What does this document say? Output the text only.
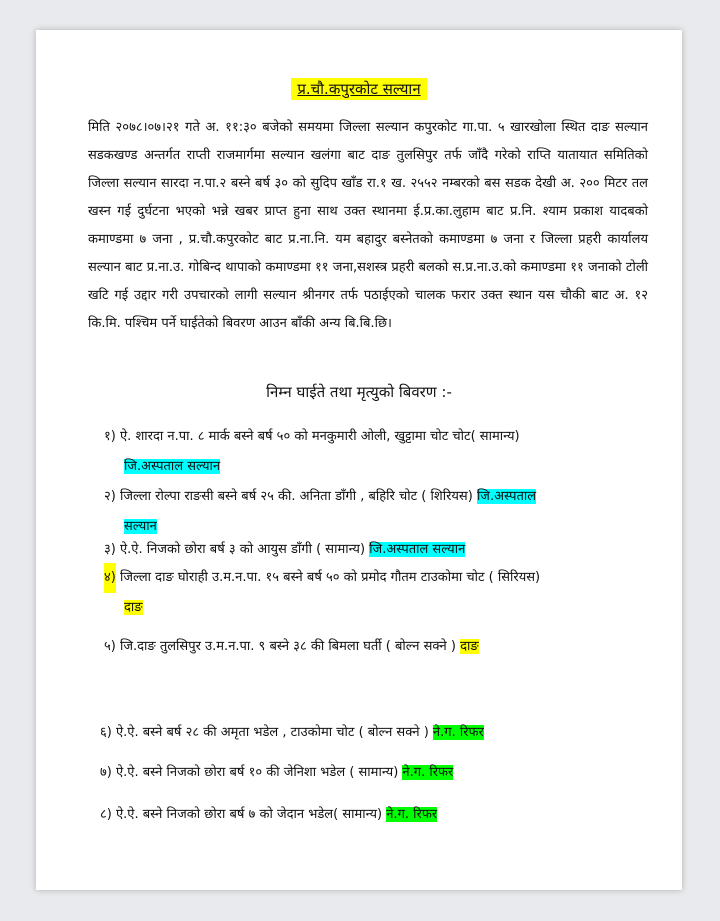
प्र.चौ.कपुरकोट सल्यान
मिति २०७८।०७।२१ गते अ. ११:३० बजेको समयमा जिल्ला सल्यान कपुरकोट गा.पा. ५ खारखोला स्थित दाङ सल्यान सडकखण्ड अन्तर्गत राप्ती राजमार्गमा सल्यान खलंगा बाट दाङ तुलसिपुर तर्फ जाँदै गरेको राप्ति यातायात समितिको जिल्ला सल्यान सारदा न.पा.२ बस्ने बर्ष ३० को सुदिप खाँड रा.१ ख. २५५२ नम्बरको बस सडक देखी अ. २०० मिटर तल खस्न गई दुर्घटना भएको भन्ने खबर प्राप्त हुना साथ उक्त स्थानमा ई.प्र.का.लुहाम बाट प्र.नि. श्याम प्रकाश यादबको कमाण्डमा ७ जना , प्र.चौ.कपुरकोट बाट प्र.ना.नि. यम बहादुर बस्नेतको कमाण्डमा ७ जना र जिल्ला प्रहरी कार्यालय सल्यान बाट प्र.ना.उ. गोबिन्द थापाको कमाण्डमा ११ जना,सशस्त्र प्रहरी बलको स.प्र.ना.उ.को कमाण्डमा ११ जनाको टोली खटि गई उद्दार गरी उपचारको लागी सल्यान श्रीनगर तर्फ पठाईएको चालक फरार उक्त स्थान यस चौकी बाट अ. १२ कि.मि. पश्चिम पर्ने घाईतेको बिवरण आउन बाँकी अन्य बि.बि.छि।
निम्न घाईते तथा मृत्युको बिवरण :-
१) ऐ. शारदा न.पा. ८ मार्क बस्ने बर्ष ५० को मनकुमारी ओली, खुट्टामा चोट चोट( सामान्य)
जि.अस्पताल सल्यान
२) जिल्ला रोल्पा राङसी बस्ने बर्ष २५ की. अनिता डाँगी , बहिरि चोट ( शिरियस) जि.अस्पताल
सल्यान
३) ऐ.ऐ. निजको छोरा बर्ष ३ को आयुस डाँगी ( सामान्य) जि.अस्पताल सल्यान
४) जिल्ला दाङ घोराही उ.म.न.पा. १५ बस्ने बर्ष ५० को प्रमोद गौतम टाउकोमा चोट ( सिरियस)
दाङ
५) जि.दाङ तुलसिपुर उ.म.न.पा. ९ बस्ने ३८ की बिमला घर्ती ( बोल्न सक्ने ) दाङ
६) ऐ.ऐ. बस्ने बर्ष २८ की अमृता भडेल , टाउकोमा चोट ( बोल्न सक्ने ) ने.ग. रिफर
७) ऐ.ऐ. बस्ने निजको छोरा बर्ष १० की जेनिशा भडेल ( सामान्य) ने.ग. रिफर
८) ऐ.ऐ. बस्ने निजको छोरा बर्ष ७ को जेदान भडेल( सामान्य) ने.ग. रिफर
